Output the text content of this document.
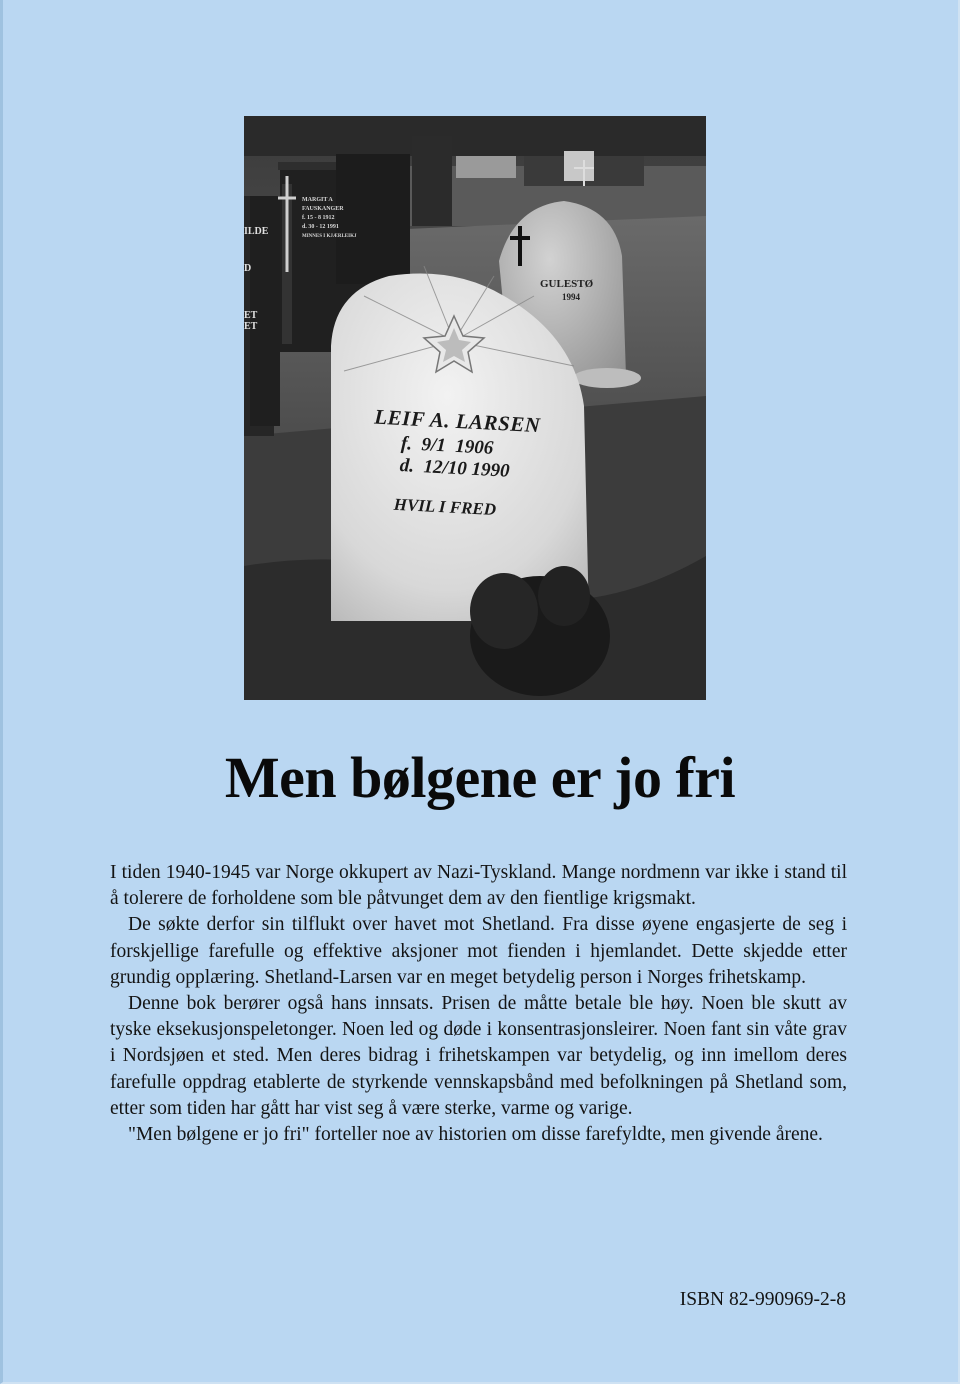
LEIF A. LARSEN
f.  9/1  1906
d.  12/10 1990
HVIL I FRED
MARGIT A
FAUSKANGER
f. 15 - 8 1912
d. 30 - 12 1991
MINNES I KJÆRLEIKJ
GULESTØ
1994
ILDE
D
ET
ET
Men bølgene er jo fri

I tiden 1940-1945 var Norge okkupert av Nazi-Tyskland. Mange nordmenn var ikke i stand til å tolerere de forholdene som ble påtvunget dem av den fientlige krigsmakt.

De søkte derfor sin tilflukt over havet mot Shetland. Fra disse øyene engasjerte de seg i forskjellige farefulle og effektive aksjoner mot fienden i hjemlandet. Dette skjedde etter grundig opplæring. Shetland-Larsen var en meget betydelig person i Norges frihetskamp.

Denne bok berører også hans innsats. Prisen de måtte betale ble høy. Noen ble skutt av tyske eksekusjonspeletonger. Noen led og døde i konsentrasjonsleirer. Noen fant sin våte grav i Nordsjøen et sted. Men deres bidrag i frihetskampen var betydelig, og inn imellom deres farefulle oppdrag etablerte de styrkende vennskapsbånd med befolkningen på Shetland som, etter som tiden har gått har vist seg å være sterke, varme og varige.

"Men bølgene er jo fri" forteller noe av historien om disse farefyldte, men givende årene.

ISBN 82-990969-2-8
